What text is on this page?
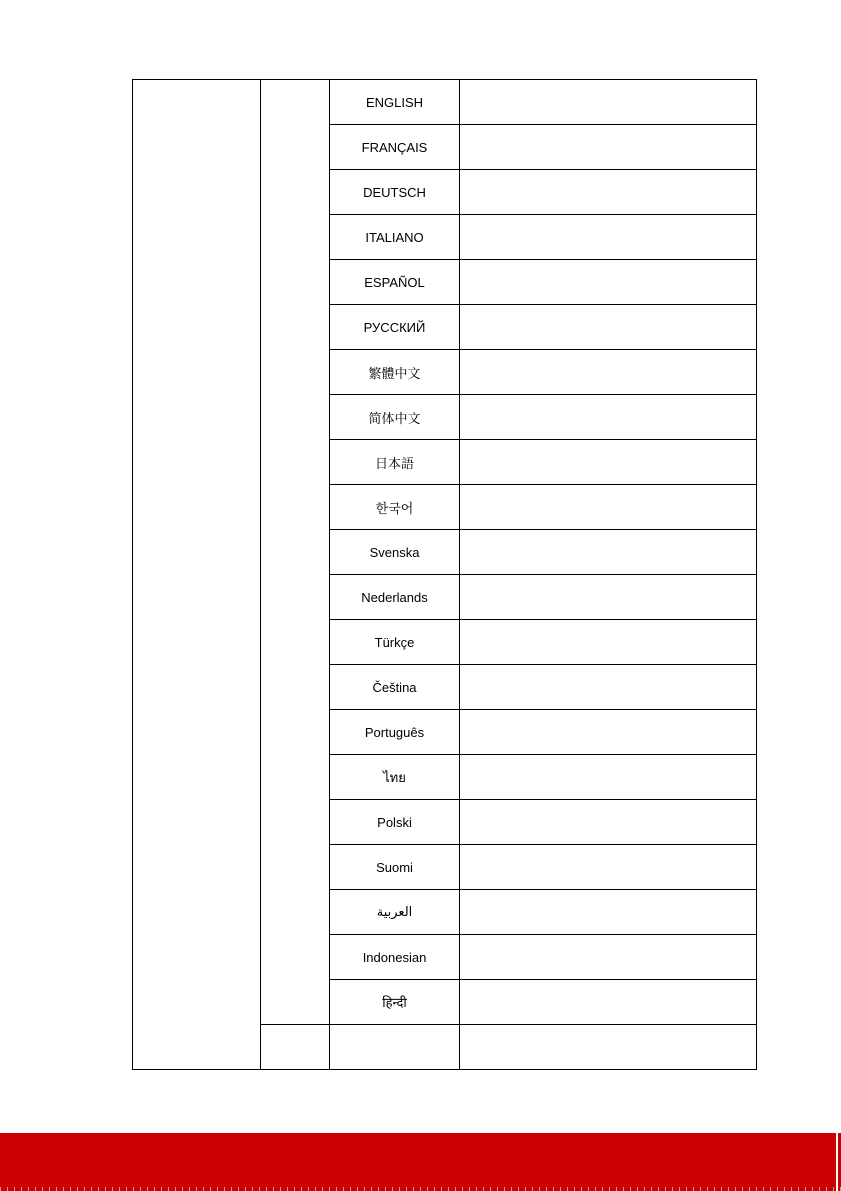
		ENGLISH	
		FRANÇAIS	
		DEUTSCH	
		ITALIANO	
		ESPAÑOL	
		РУССКИЙ	
		繁體中文	
		简体中文	
		日本語	
		한국어	
		Svenska	
		Nederlands	
		Türkçe	
		Čeština	
		Português	
		ไทย	
		Polski	
		Suomi	
		العربية	
		Indonesian	
		हिन्दी	
